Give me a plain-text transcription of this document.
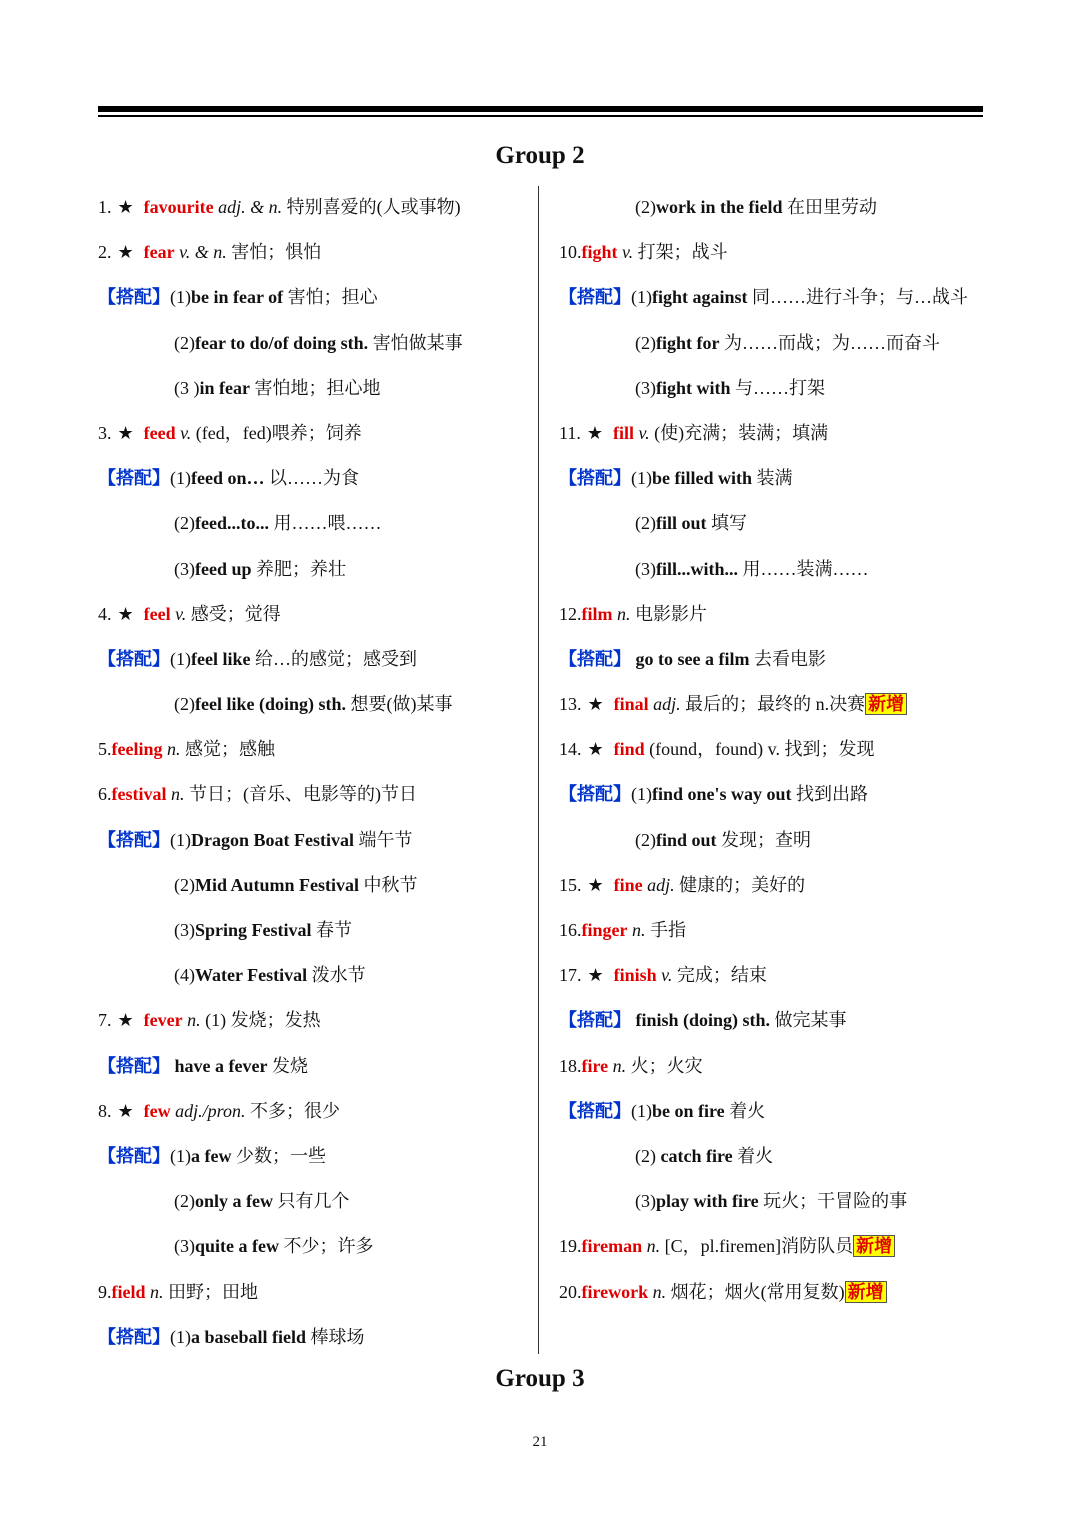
Group 2
1. ★ favourite adj. & n. 特别喜爱的(人或事物)
2. ★ fear v. & n. 害怕；惧怕
【搭配】(1)be in fear of 害怕；担心
(2)fear to do/of doing sth. 害怕做某事
(3 )in fear 害怕地；担心地
3. ★ feed v. (fed，fed)喂养；饲养
【搭配】(1)feed on… 以……为食
(2)feed...to... 用……喂……
(3)feed up 养肥；养壮
4. ★ feel v. 感受；觉得
【搭配】(1)feel like 给…的感觉；感受到
(2)feel like (doing) sth. 想要(做)某事
5.feeling n. 感觉；感触
6.festival n. 节日；(音乐、电影等的)节日
【搭配】(1)Dragon Boat Festival 端午节
(2)Mid Autumn Festival 中秋节
(3)Spring Festival 春节
(4)Water Festival 泼水节
7. ★ fever n. (1) 发烧；发热
【搭配】 have a fever 发烧
8. ★ few adj./pron. 不多；很少
【搭配】(1)a few 少数；一些
(2)only a few 只有几个
(3)quite a few 不少；许多
9.field n. 田野；田地
【搭配】(1)a baseball field 棒球场
(2)work in the field 在田里劳动
10.fight v. 打架；战斗
【搭配】(1)fight against 同……进行斗争；与…战斗
(2)fight for 为……而战；为……而奋斗
(3)fight with 与……打架
11. ★ fill v. (使)充满；装满；填满
【搭配】(1)be filled with 装满
(2)fill out 填写
(3)fill...with... 用……装满……
12.film n. 电影影片
【搭配】 go to see a film 去看电影
13. ★ final adj. 最后的；最终的 n.决赛 新增
14. ★ find (found，found) v. 找到；发现
【搭配】(1)find one's way out 找到出路
(2)find out 发现；查明
15. ★ fine adj. 健康的；美好的
16.finger n. 手指
17. ★ finish v. 完成；结束
【搭配】 finish (doing) sth. 做完某事
18.fire n. 火；火灾
【搭配】(1)be on fire 着火
(2) catch fire 着火
(3)play with fire 玩火；干冒险的事
19.fireman n. [C，pl.firemen]消防队员 新增
20.firework n. 烟花；烟火(常用复数) 新增
Group 3
21
